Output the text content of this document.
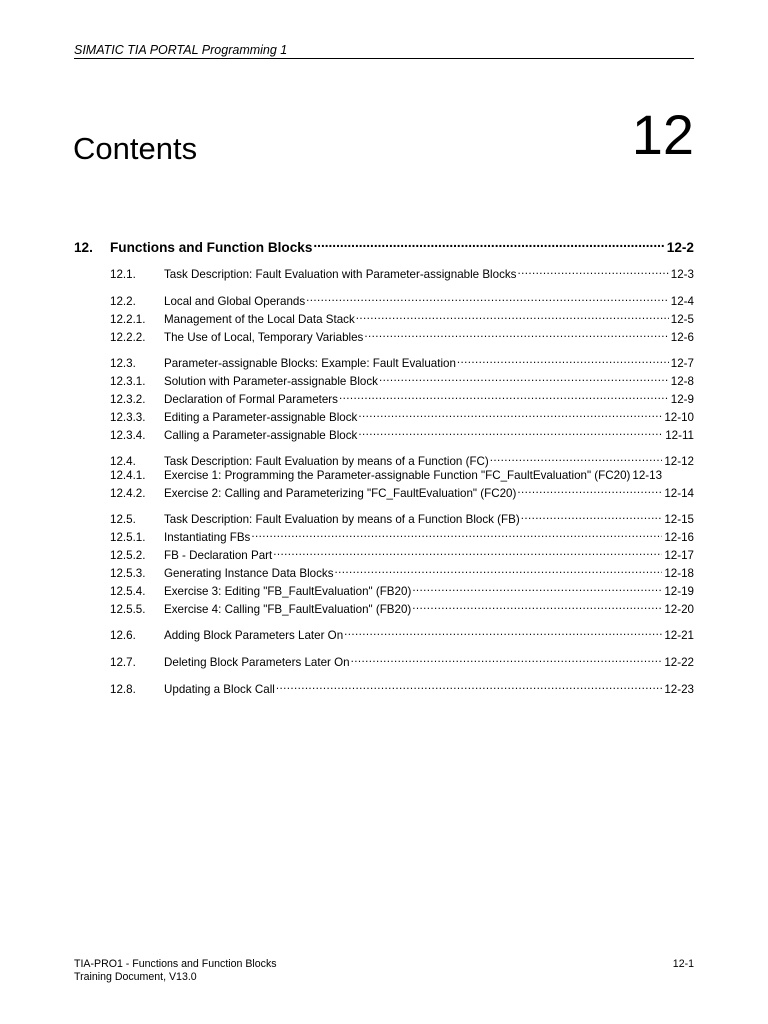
SIMATIC TIA PORTAL Programming 1
Contents	12
12.	Functions and Function Blocks .....	12-2
12.1.	Task Description: Fault Evaluation with Parameter-assignable Blocks .....	12-3
12.2.	Local and Global Operands .....	12-4
12.2.1.	Management of the Local Data Stack .....	12-5
12.2.2.	The Use of Local, Temporary Variables .....	12-6
12.3.	Parameter-assignable Blocks: Example: Fault Evaluation .....	12-7
12.3.1.	Solution with Parameter-assignable Block .....	12-8
12.3.2.	Declaration of Formal Parameters .....	12-9
12.3.3.	Editing a Parameter-assignable Block .....	12-10
12.3.4.	Calling a Parameter-assignable Block .....	12-11
12.4.	Task Description: Fault Evaluation by means of a Function (FC) .....	12-12
12.4.1.	Exercise 1: Programming the Parameter-assignable Function "FC_FaultEvaluation" (FC20) 12-13
12.4.2.	Exercise 2: Calling and Parameterizing "FC_FaultEvaluation" (FC20) .....	12-14
12.5.	Task Description: Fault Evaluation by means of a Function Block (FB) .....	12-15
12.5.1.	Instantiating FBs .....	12-16
12.5.2.	FB - Declaration Part .....	12-17
12.5.3.	Generating Instance Data Blocks .....	12-18
12.5.4.	Exercise 3: Editing "FB_FaultEvaluation" (FB20) .....	12-19
12.5.5.	Exercise 4: Calling "FB_FaultEvaluation" (FB20) .....	12-20
12.6.	Adding Block Parameters Later On .....	12-21
12.7.	Deleting Block Parameters Later On .....	12-22
12.8.	Updating a Block Call .....	12-23
TIA-PRO1 - Functions and Function Blocks	12-1
Training Document, V13.0
